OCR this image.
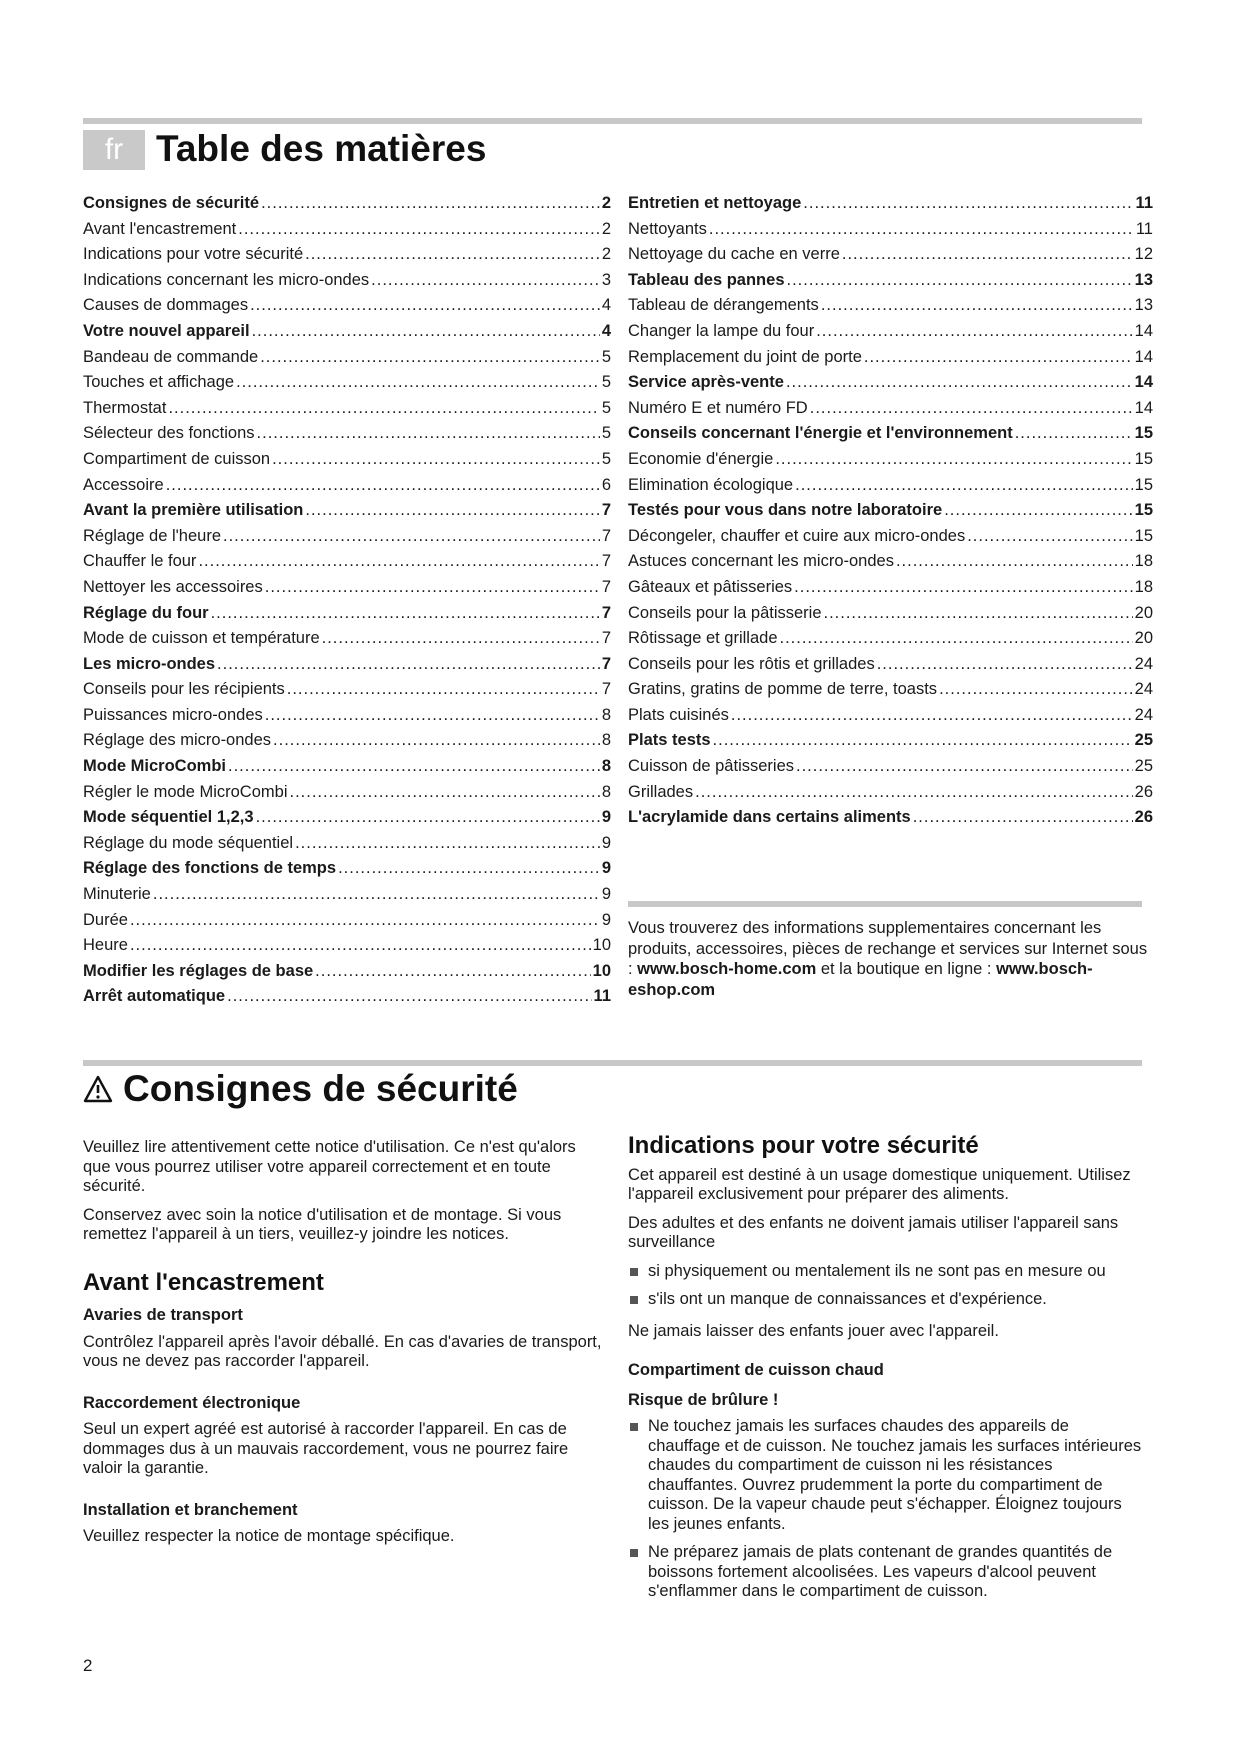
fr Table des matières
Consignes de sécurité .....	2
Avant l'encastrement .....	2
Indications pour votre sécurité .....	2
Indications concernant les micro-ondes .....	3
Causes de dommages .....	4
Votre nouvel appareil .....	4
Bandeau de commande .....	5
Touches et affichage .....	5
Thermostat .....	5
Sélecteur des fonctions .....	5
Compartiment de cuisson .....	5
Accessoire .....	6
Avant la première utilisation .....	7
Réglage de l'heure .....	7
Chauffer le four .....	7
Nettoyer les accessoires .....	7
Réglage du four .....	7
Mode de cuisson et température .....	7
Les micro-ondes .....	7
Conseils pour les récipients .....	7
Puissances micro-ondes .....	8
Réglage des micro-ondes .....	8
Mode MicroCombi .....	8
Régler le mode MicroCombi .....	8
Mode séquentiel 1,2,3 .....	9
Réglage du mode séquentiel .....	9
Réglage des fonctions de temps .....	9
Minuterie .....	9
Durée .....	9
Heure .....	10
Modifier les réglages de base .....	10
Arrêt automatique .....	11
Entretien et nettoyage .....	11
Nettoyants .....	11
Nettoyage du cache en verre .....	12
Tableau des pannes .....	13
Tableau de dérangements .....	13
Changer la lampe du four .....	14
Remplacement du joint de porte .....	14
Service après-vente .....	14
Numéro E et numéro FD .....	14
Conseils concernant l'énergie et l'environnement .....	15
Economie d'énergie .....	15
Elimination écologique .....	15
Testés pour vous dans notre laboratoire .....	15
Décongeler, chauffer et cuire aux micro-ondes .....	15
Astuces concernant les micro-ondes .....	18
Gâteaux et pâtisseries .....	18
Conseils pour la pâtisserie .....	20
Rôtissage et grillade .....	20
Conseils pour les rôtis et grillades .....	24
Gratins, gratins de pomme de terre, toasts .....	24
Plats cuisinés .....	24
Plats tests .....	25
Cuisson de pâtisseries .....	25
Grillades .....	26
L'acrylamide dans certains aliments .....	26
Vous trouverez des informations supplementaires concernant les produits, accessoires, pièces de rechange et services sur Internet sous : www.bosch-home.com et la boutique en ligne : www.bosch-eshop.com
Consignes de sécurité

Veuillez lire attentivement cette notice d'utilisation. Ce n'est qu'alors que vous pourrez utiliser votre appareil correctement et en toute sécurité.

Conservez avec soin la notice d'utilisation et de montage. Si vous remettez l'appareil à un tiers, veuillez-y joindre les notices.

Avant l'encastrement
Avaries de transport

Contrôlez l'appareil après l'avoir déballé. En cas d'avaries de transport, vous ne devez pas raccorder l'appareil.

Raccordement électronique

Seul un expert agréé est autorisé à raccorder l'appareil. En cas de dommages dus à un mauvais raccordement, vous ne pourrez faire valoir la garantie.

Installation et branchement

Veuillez respecter la notice de montage spécifique.

Indications pour votre sécurité

Cet appareil est destiné à un usage domestique uniquement. Utilisez l'appareil exclusivement pour préparer des aliments.

Des adultes et des enfants ne doivent jamais utiliser l'appareil sans surveillance

si physiquement ou mentalement ils ne sont pas en mesure ou
s'ils ont un manque de connaissances et d'expérience.

Ne jamais laisser des enfants jouer avec l'appareil.

Compartiment de cuisson chaud
Risque de brûlure !
Ne touchez jamais les surfaces chaudes des appareils de chauffage et de cuisson. Ne touchez jamais les surfaces intérieures chaudes du compartiment de cuisson ni les résistances chauffantes. Ouvrez prudemment la porte du compartiment de cuisson. De la vapeur chaude peut s'échapper. Éloignez toujours les jeunes enfants.
Ne préparez jamais de plats contenant de grandes quantités de boissons fortement alcoolisées. Les vapeurs d'alcool peuvent s'enflammer dans le compartiment de cuisson.
2
